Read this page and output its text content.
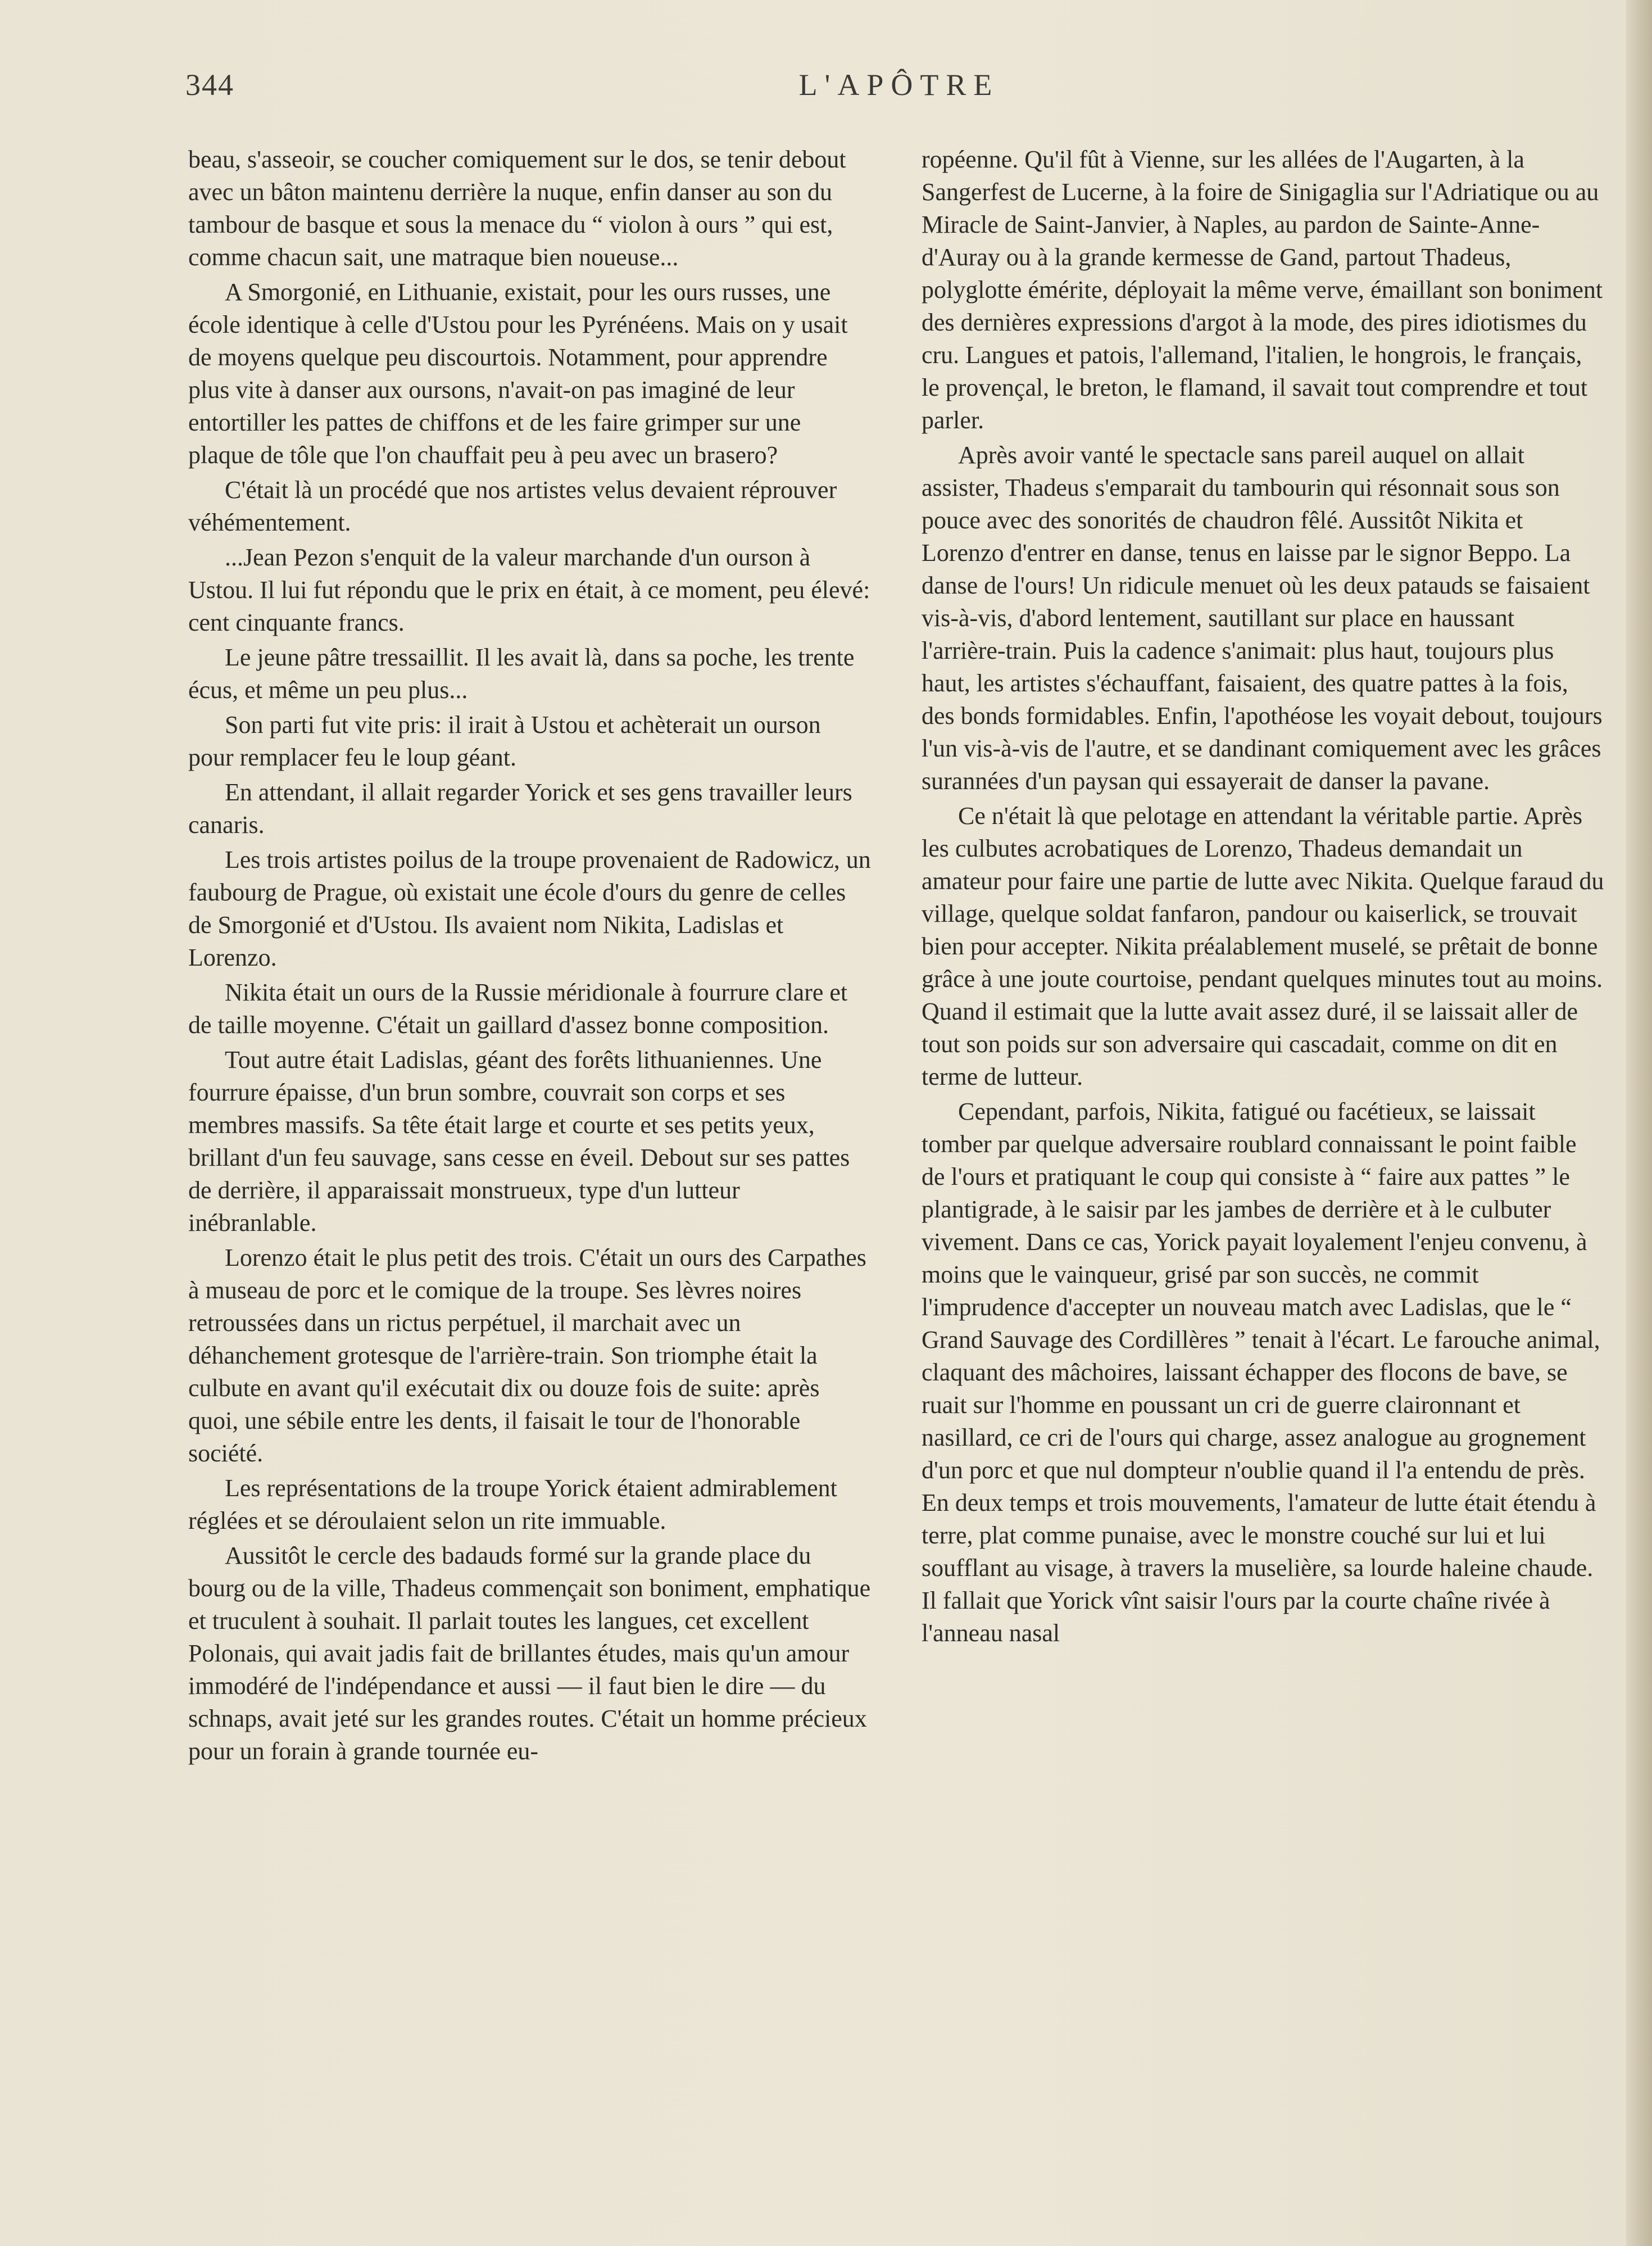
344	L'APÔTRE

beau, s'asseoir, se coucher comiquement sur le dos, se tenir debout avec un bâton maintenu derrière la nuque, enfin danser au son du tambour de basque et sous la menace du “ violon à ours ” qui est, comme chacun sait, une matraque bien noueuse...

A Smorgonié, en Lithuanie, existait, pour les ours russes, une école identique à celle d'Ustou pour les Pyrénéens. Mais on y usait de moyens quelque peu discourtois. Notamment, pour apprendre plus vite à danser aux oursons, n'avait-on pas imaginé de leur entortiller les pattes de chiffons et de les faire grimper sur une plaque de tôle que l'on chauffait peu à peu avec un brasero?

C'était là un procédé que nos artistes velus devaient réprouver véhémentement.

...Jean Pezon s'enquit de la valeur marchande d'un ourson à Ustou. Il lui fut répondu que le prix en était, à ce moment, peu élevé: cent cinquante francs.

Le jeune pâtre tressaillit. Il les avait là, dans sa poche, les trente écus, et même un peu plus...

Son parti fut vite pris: il irait à Ustou et achèterait un ourson pour remplacer feu le loup géant.

En attendant, il allait regarder Yorick et ses gens travailler leurs canaris.

Les trois artistes poilus de la troupe provenaient de Radowicz, un faubourg de Prague, où existait une école d'ours du genre de celles de Smorgonié et d'Ustou. Ils avaient nom Nikita, Ladislas et Lorenzo.

Nikita était un ours de la Russie méridionale à fourrure clare et de taille moyenne. C'était un gaillard d'assez bonne composition.

Tout autre était Ladislas, géant des forêts lithuaniennes. Une fourrure épaisse, d'un brun sombre, couvrait son corps et ses membres massifs. Sa tête était large et courte et ses petits yeux, brillant d'un feu sauvage, sans cesse en éveil. Debout sur ses pattes de derrière, il apparaissait monstrueux, type d'un lutteur inébranlable.

Lorenzo était le plus petit des trois. C'était un ours des Carpathes à museau de porc et le comique de la troupe. Ses lèvres noires retroussées dans un rictus perpétuel, il marchait avec un déhanchement grotesque de l'arrière-train. Son triomphe était la culbute en avant qu'il exécutait dix ou douze fois de suite: après quoi, une sébile entre les dents, il faisait le tour de l'honorable société.

Les représentations de la troupe Yorick étaient admirablement réglées et se déroulaient selon un rite immuable.

Aussitôt le cercle des badauds formé sur la grande place du bourg ou de la ville, Thadeus commençait son boniment, emphatique et truculent à souhait. Il parlait toutes les langues, cet excellent Polonais, qui avait jadis fait de brillantes études, mais qu'un amour immodéré de l'indépendance et aussi — il faut bien le dire — du schnaps, avait jeté sur les grandes routes. C'était un homme précieux pour un forain à grande tournée eu-

ropéenne. Qu'il fût à Vienne, sur les allées de l'Augarten, à la Sangerfest de Lucerne, à la foire de Sinigaglia sur l'Adriatique ou au Miracle de Saint-Janvier, à Naples, au pardon de Sainte-Anne-d'Auray ou à la grande kermesse de Gand, partout Thadeus, polyglotte émérite, déployait la même verve, émaillant son boniment des dernières expressions d'argot à la mode, des pires idiotismes du cru. Langues et patois, l'allemand, l'italien, le hongrois, le français, le provençal, le breton, le flamand, il savait tout comprendre et tout parler.

Après avoir vanté le spectacle sans pareil auquel on allait assister, Thadeus s'emparait du tambourin qui résonnait sous son pouce avec des sonorités de chaudron fêlé. Aussitôt Nikita et Lorenzo d'entrer en danse, tenus en laisse par le signor Beppo. La danse de l'ours! Un ridicule menuet où les deux patauds se faisaient vis-à-vis, d'abord lentement, sautillant sur place en haussant l'arrière-train. Puis la cadence s'animait: plus haut, toujours plus haut, les artistes s'échauffant, faisaient, des quatre pattes à la fois, des bonds formidables. Enfin, l'apothéose les voyait debout, toujours l'un vis-à-vis de l'autre, et se dandinant comiquement avec les grâces surannées d'un paysan qui essayerait de danser la pavane.

Ce n'était là que pelotage en attendant la véritable partie. Après les culbutes acrobatiques de Lorenzo, Thadeus demandait un amateur pour faire une partie de lutte avec Nikita. Quelque faraud du village, quelque soldat fanfaron, pandour ou kaiserlick, se trouvait bien pour accepter. Nikita préalablement muselé, se prêtait de bonne grâce à une joute courtoise, pendant quelques minutes tout au moins. Quand il estimait que la lutte avait assez duré, il se laissait aller de tout son poids sur son adversaire qui cascadait, comme on dit en terme de lutteur.

Cependant, parfois, Nikita, fatigué ou facétieux, se laissait tomber par quelque adversaire roublard connaissant le point faible de l'ours et pratiquant le coup qui consiste à “ faire aux pattes ” le plantigrade, à le saisir par les jambes de derrière et à le culbuter vivement. Dans ce cas, Yorick payait loyalement l'enjeu convenu, à moins que le vainqueur, grisé par son succès, ne commit l'imprudence d'accepter un nouveau match avec Ladislas, que le “ Grand Sauvage des Cordillères ” tenait à l'écart. Le farouche animal, claquant des mâchoires, laissant échapper des flocons de bave, se ruait sur l'homme en poussant un cri de guerre claironnant et nasillard, ce cri de l'ours qui charge, assez analogue au grognement d'un porc et que nul dompteur n'oublie quand il l'a entendu de près. En deux temps et trois mouvements, l'amateur de lutte était étendu à terre, plat comme punaise, avec le monstre couché sur lui et lui soufflant au visage, à travers la muselière, sa lourde haleine chaude. Il fallait que Yorick vînt saisir l'ours par la courte chaîne rivée à l'anneau nasal
